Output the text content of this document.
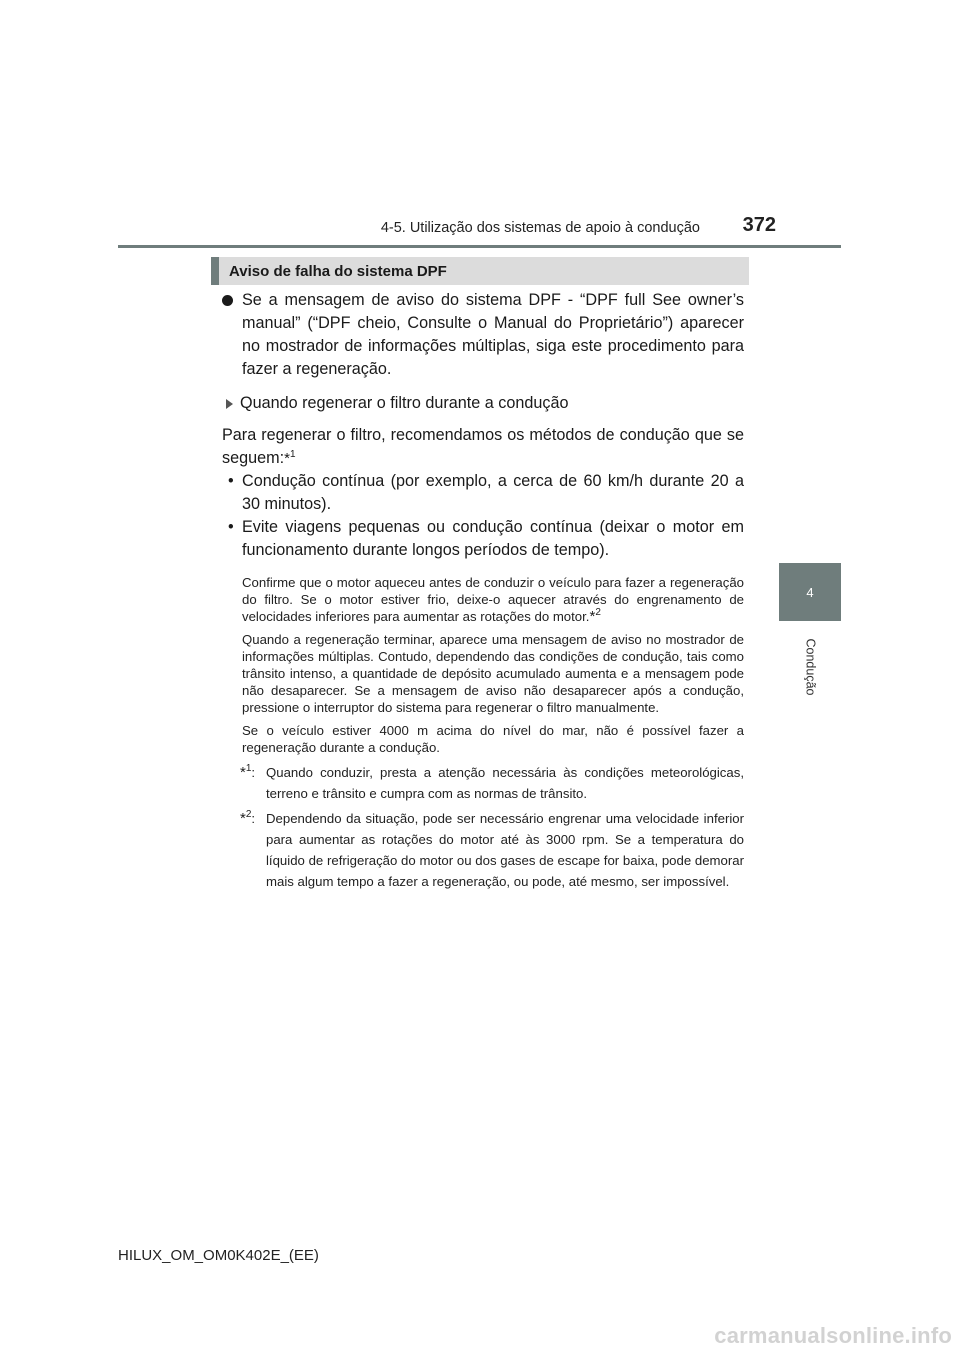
4-5. Utilização dos sistemas de apoio à condução	372
4
Condução
Aviso de falha do sistema DPF
Se a mensagem de aviso do sistema DPF - “DPF full See owner’s manual” (“DPF cheio, Consulte o Manual do Proprietário”) aparecer no mostrador de informações múltiplas, siga este procedimento para fazer a regeneração.
Quando regenerar o filtro durante a condução

Para regenerar o filtro, recomendamos os métodos de condução que se seguem:*$^1$

• Condução contínua (por exemplo, a cerca de 60 km/h durante 20 a 30 minutos).
• Evite viagens pequenas ou condução contínua (deixar o motor em funcionamento durante longos períodos de tempo).

Confirme que o motor aqueceu antes de conduzir o veículo para fazer a regeneração do filtro. Se o motor estiver frio, deixe-o aquecer através do engrenamento de velocidades inferiores para aumentar as rotações do motor.*$^2$

Quando a regeneração terminar, aparece uma mensagem de aviso no mostrador de informações múltiplas. Contudo, dependendo das condições de condução, tais como trânsito intenso, a quantidade de depósito acumulado aumenta e a mensagem pode não desaparecer. Se a mensagem de aviso não desaparecer após a condução, pressione o interruptor do sistema para regenerar o filtro manualmente.

Se o veículo estiver 4000 m acima do nível do mar, não é possível fazer a regeneração durante a condução.

*$^1$: Quando conduzir, presta a atenção necessária às condições meteorológicas, terreno e trânsito e cumpra com as normas de trânsito.
*$^2$: Dependendo da situação, pode ser necessário engrenar uma velocidade inferior para aumentar as rotações do motor até às 3000 rpm. Se a temperatura do líquido de refrigeração do motor ou dos gases de escape for baixa, pode demorar mais algum tempo a fazer a regeneração, ou pode, até mesmo, ser impossível.
HILUX_OM_OM0K402E_(EE)
carmanualsonline.info
